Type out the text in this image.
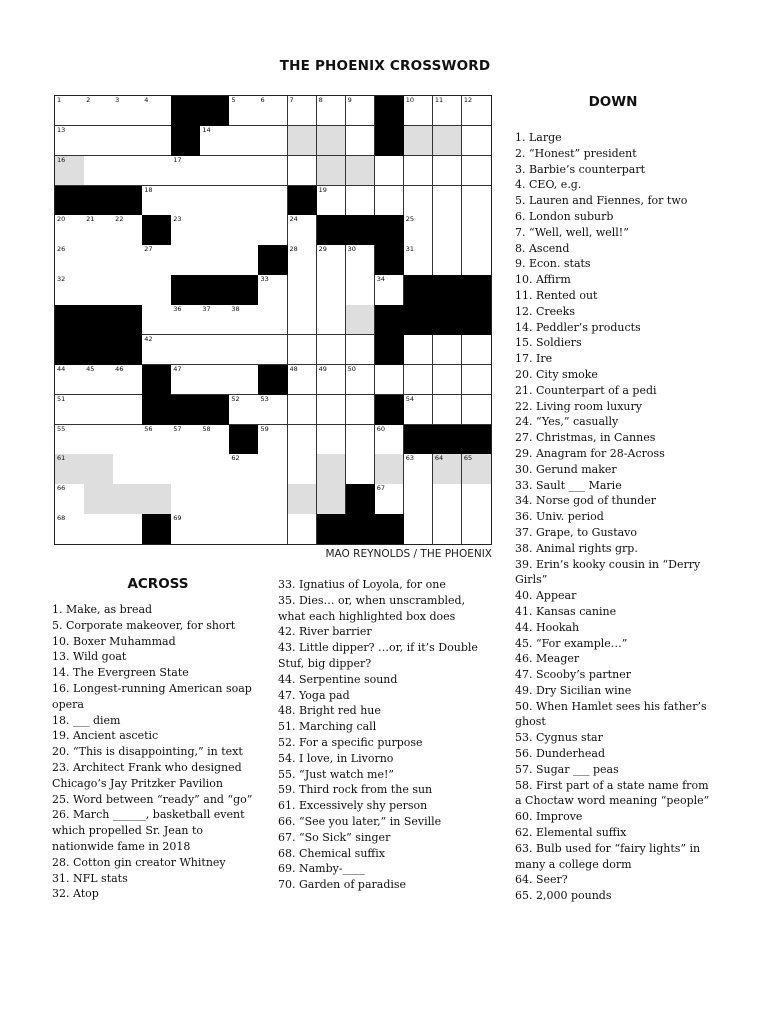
THE PHOENIX CROSSWORD
1	2	3	4	5	6	7	8	9	10	11	12
13	14
16	17
18	19
20	21	22	23	24	25
26	27	28	29	30	31
32	33	34
36	37	38
42
44	45	46	47	48	49	50
51	52	53	54
55	56	57	58	59	60
61	62	63	64	65
66	67
68	69
MAO REYNOLDS / THE PHOENIX
ACROSS

1. Make, as bread

5. Corporate makeover, for short

10. Boxer Muhammad

13. Wild goat

14. The Evergreen State

16. Longest-running American soap opera

18. ___ diem

19. Ancient ascetic

20. “This is disappointing,” in text

23. Architect Frank who designed Chicago’s Jay Pritzker Pavilion

25. Word between “ready” and “go”

26. March ______, basketball event which propelled Sr. Jean to nationwide fame in 2018

28. Cotton gin creator Whitney

31. NFL stats

32. Atop

33. Ignatius of Loyola, for one

35. Dies… or, when unscrambled, what each highlighted box does

42. River barrier

43. Little dipper? …or, if it’s Double Stuf, big dipper?

44. Serpentine sound

47. Yoga pad

48. Bright red hue

51. Marching call

52. For a specific purpose

54. I love, in Livorno

55. “Just watch me!”

59. Third rock from the sun

61. Excessively shy person

66. “See you later,” in Seville

67. “So Sick” singer

68. Chemical suffix

69. Namby-____

70. Garden of paradise

DOWN

1. Large

2. “Honest” president

3. Barbie’s counterpart

4. CEO, e.g.

5. Lauren and Fiennes, for two

6. London suburb

7. “Well, well, well!”

8. Ascend

9. Econ. stats

10. Affirm

11. Rented out

12. Creeks

14. Peddler’s products

15. Soldiers

17. Ire

20. City smoke

21. Counterpart of a pedi

22. Living room luxury

24. “Yes,” casually

27. Christmas, in Cannes

29. Anagram for 28-Across

30. Gerund maker

33. Sault ___ Marie

34. Norse god of thunder

36. Univ. period

37. Grape, to Gustavo

38. Animal rights grp.

39. Erin’s kooky cousin in “Derry Girls”

40. Appear

41. Kansas canine

44. Hookah

45. “For example…”

46. Meager

47. Scooby’s partner

49. Dry Sicilian wine

50. When Hamlet sees his father’s ghost

53. Cygnus star

56. Dunderhead

57. Sugar ___ peas

58. First part of a state name from a Choctaw word meaning “people”

60. Improve

62. Elemental suffix

63. Bulb used for “fairy lights” in many a college dorm

64. Seer?

65. 2,000 pounds
